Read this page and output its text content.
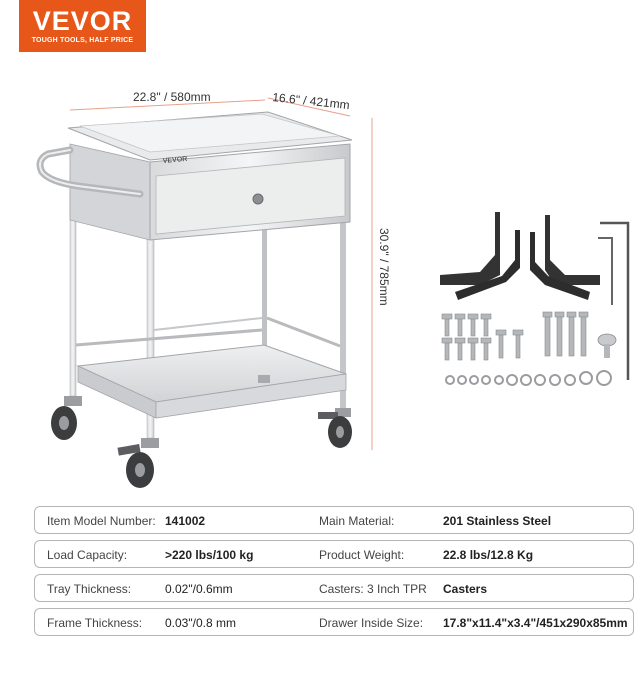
VEVOR
TOUGH TOOLS, HALF PRICE
22.8" / 580mm	16.6" / 421mm
30.9" / 785mm
VEVOR
Item Model Number: 141002	Main Material:	201 Stainless Steel
Load Capacity:	>220 lbs/100 kg	Product Weight:	22.8 lbs/12.8 Kg
Tray Thickness:	0.02"/0.6mm	Casters: 3 Inch TPR Casters
Frame Thickness: 0.03"/0.8 mm	Drawer Inside Size: 17.8"x11.4"x3.4"/451x290x85mm
